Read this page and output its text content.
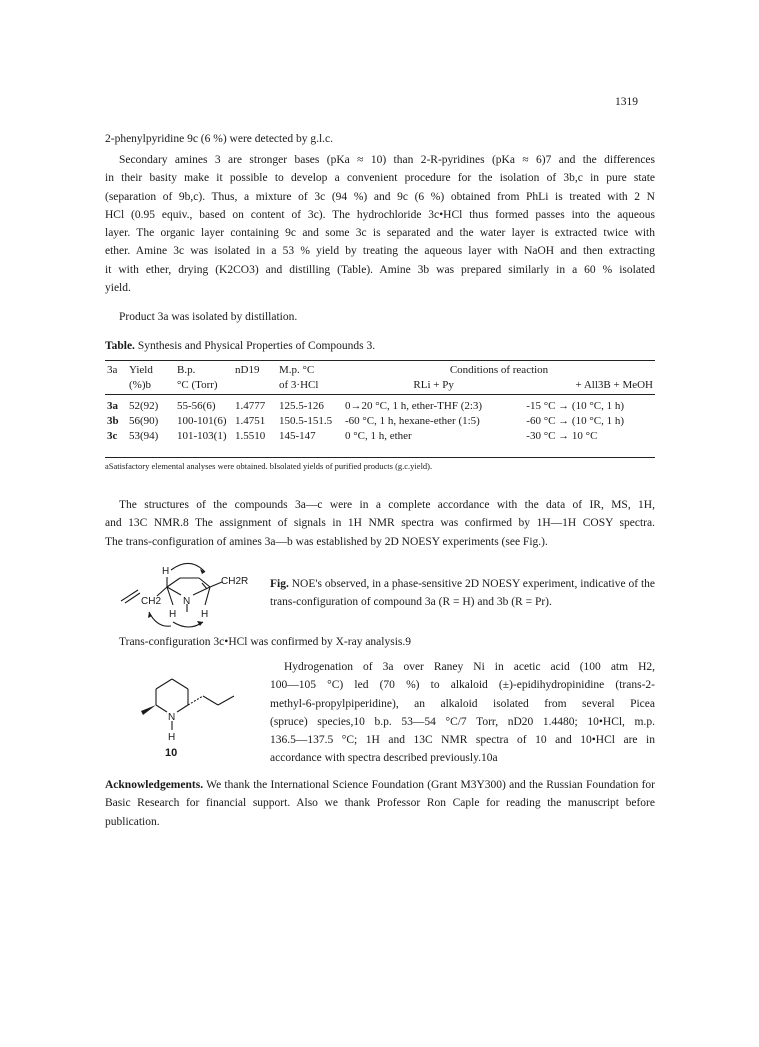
1319

2-phenylpyridine 9c (6 %) were detected by g.l.c.

Secondary amines 3 are stronger bases (pKa ≈ 10) than 2-R-pyridines (pKa ≈ 6)7 and the differences
in their basity make it possible to develop a convenient procedure for the isolation of 3b,c in pure state
(separation of 9b,c). Thus, a mixture of 3c (94 %) and 9c (6 %) obtained from PhLi is treated with 2 N
HCl (0.95 equiv., based on content of 3c). The hydrochloride 3c•HCl thus formed passes into the aqueous
layer. The organic layer containing 9c and some 3c is separated and the water layer is extracted twice with
ether. Amine 3c was isolated in a 53 % yield by treating the aqueous layer with NaOH and then extracting
it with ether, drying (K2CO3) and distilling (Table). Amine 3b was prepared similarly in a 60 % isolated
yield.

Product 3a was isolated by distillation.

Table. Synthesis and Physical Properties of Compounds 3.
3a	Yield	B.p.	nD19	M.p. °C	Conditions of reaction	
	(%)b	°C (Torr)		of 3·HCl	RLi + Py	+ All3B + MeOH

3a	52(92)	55-56(6)	1.4777	125.5-126	0→20 °C, 1 h, ether-THF (2:3)	-15 °C → (10 °C, 1 h)
3b	56(90)	100-101(6)	1.4751	150.5-151.5	-60 °C, 1 h, hexane-ether (1:5)	-60 °C → (10 °C, 1 h)
3c	53(94)	101-103(1)	1.5510	145-147	0 °C, 1 h, ether	-30 °C → 10 °C
aSatisfactory elemental analyses were obtained. bIsolated yields of purified products (g.c.yield).

The structures of the compounds 3a—c were in a complete accordance with the data of IR, MS, 1H,
and 13C NMR.8 The assignment of signals in 1H NMR spectra was confirmed by 1H—1H COSY spectra.
The trans-configuration of amines 3a—b was established by 2D NOESY experiments (see Fig.).

H
CH2 N
CH2R
H H
Fig. NOE's observed, in a phase-sensitive 2D NOESY experiment, indicative of the trans-configuration of compound 3a (R = H) and 3b (R = Pr).
Trans-configuration 3c•HCl was confirmed by X-ray analysis.9
N
H
10
Hydrogenation of 3a over Raney Ni in acetic acid (100 atm H2,
100—105 °C) led (70 %) to alkaloid (±)-epidihydropinidine (trans-2-
methyl-6-propylpiperidine), an alkaloid isolated from several Picea
(spruce) species,10 b.p. 53—54 °C/7 Torr, nD20 1.4480; 10•HCl, m.p.
136.5—137.5 °C; 1H and 13C NMR spectra of 10 and 10•HCl are in
accordance with spectra described previously.10a
Acknowledgements. We thank the International Science Foundation (Grant M3Y300) and the Russian Foundation for Basic Research for financial support. Also we thank Professor Ron Caple for reading the manuscript before publication.
